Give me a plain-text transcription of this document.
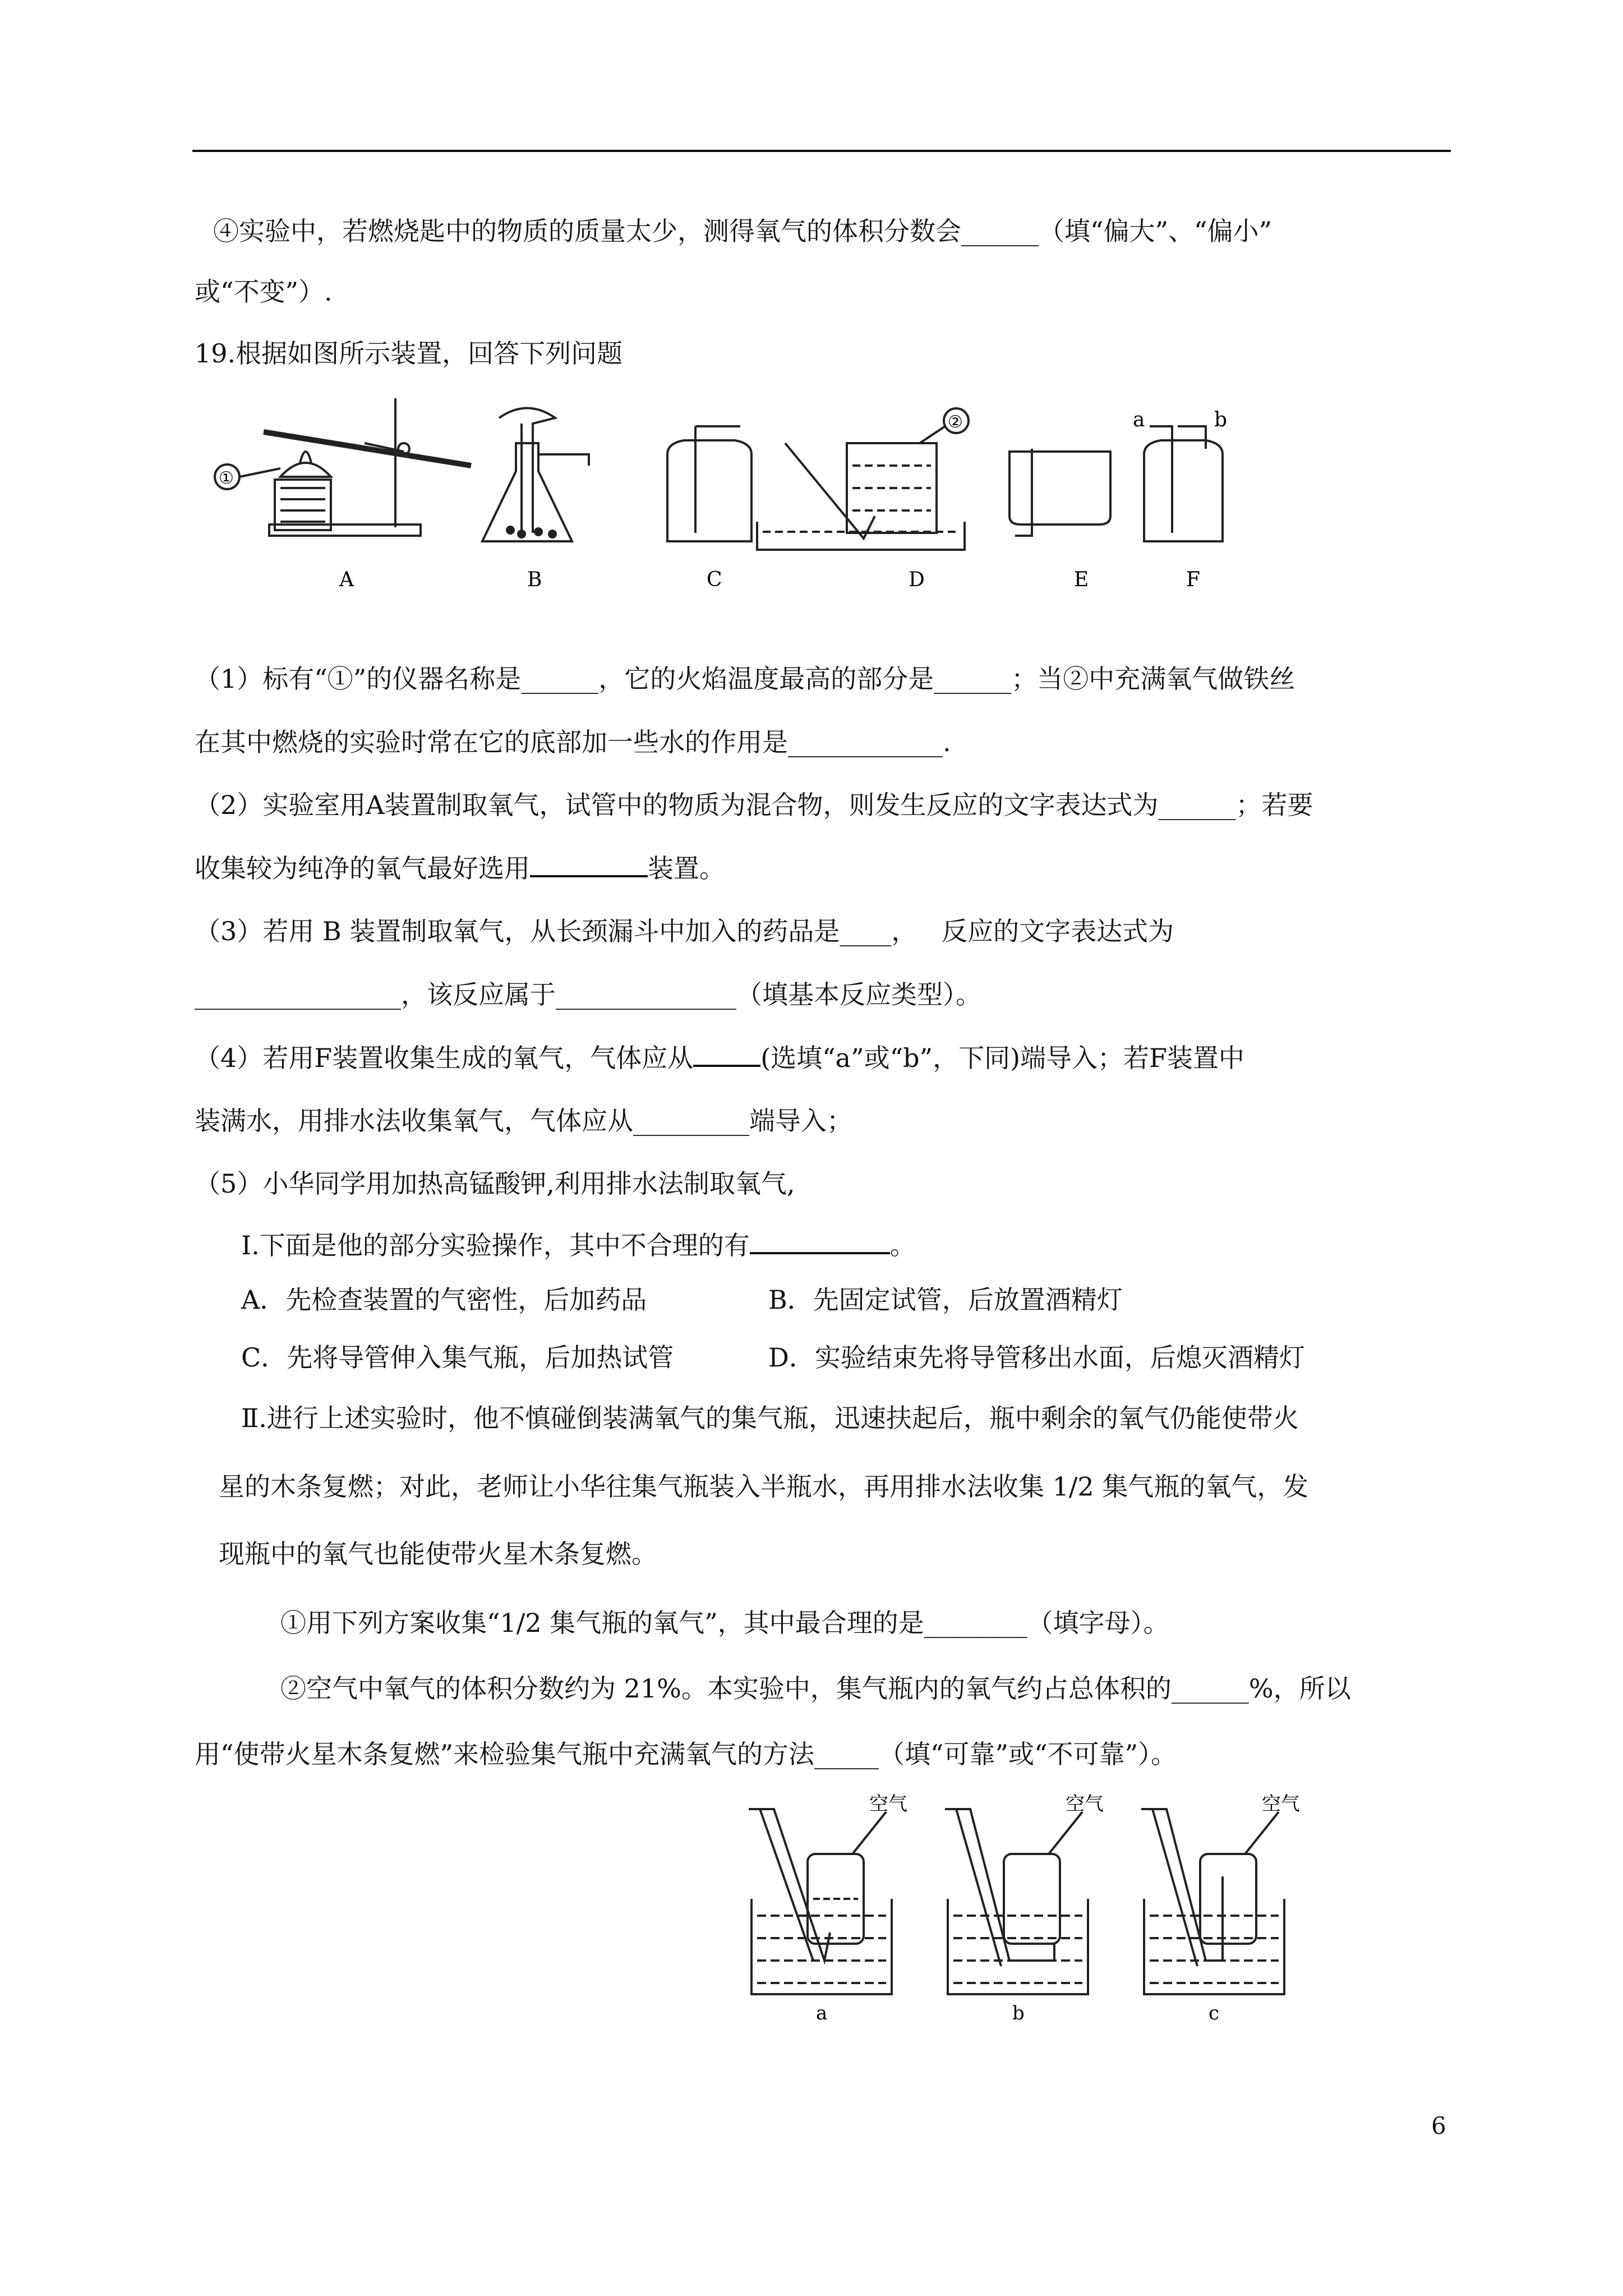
④实验中，若燃烧匙中的物质的质量太少，测得氧气的体积分数会______（填“偏大”、“偏小”
或“不变”）.
19.根据如图所示装置，回答下列问题
①
②	a	b
A	B	C	D	E	F
（1）标有“①”的仪器名称是______，它的火焰温度最高的部分是______；当②中充满氧气做铁丝
在其中燃烧的实验时常在它的底部加一些水的作用是____________.
（2）实验室用A装置制取氧气，试管中的物质为混合物，则发生反应的文字表达式为______；若要
收集较为纯净的氧气最好选用	装置。
（3）若用 B 装置制取氧气，从长颈漏斗中加入的药品是____，   反应的文字表达式为
________________，该反应属于______________（填基本反应类型）。
（4）若用F装置收集生成的氧气，气体应从	(选填“a”或“b”，下同)端导入；若F装置中
装满水，用排水法收集氧气，气体应从_________端导入；
（5）小华同学用加热高锰酸钾,利用排水法制取氧气,
Ⅰ.下面是他的部分实验操作，其中不合理的有	。
A．先检查装置的气密性，后加药品	B．先固定试管，后放置酒精灯
C．先将导管伸入集气瓶，后加热试管	D．实验结束先将导管移出水面，后熄灭酒精灯
Ⅱ.进行上述实验时，他不慎碰倒装满氧气的集气瓶，迅速扶起后，瓶中剩余的氧气仍能使带火
星的木条复燃；对此，老师让小华往集气瓶装入半瓶水，再用排水法收集 1/2 集气瓶的氧气，发
现瓶中的氧气也能使带火星木条复燃。
①用下列方案收集“1/2 集气瓶的氧气”，其中最合理的是________（填字母）。
②空气中氧气的体积分数约为 21%。本实验中，集气瓶内的氧气约占总体积的______%，所以
用“使带火星木条复燃”来检验集气瓶中充满氧气的方法_____（填“可靠”或“不可靠”）。
空气	空气	空气
a	b	c
6
